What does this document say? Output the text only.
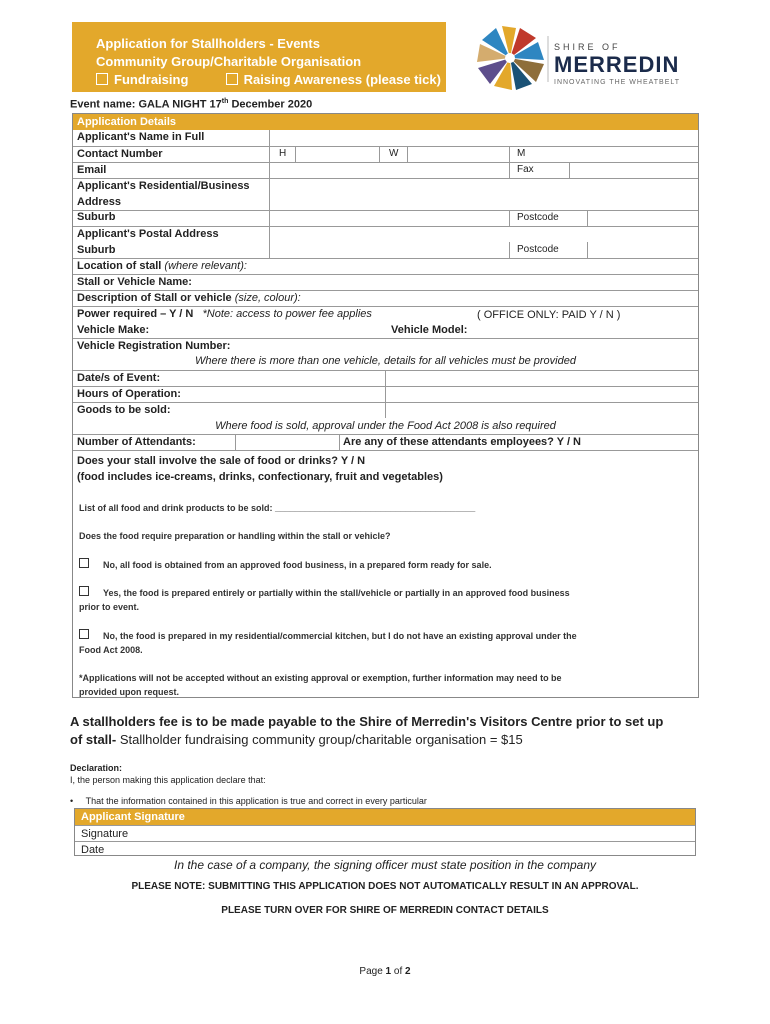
Application for Stallholders - Events
Community Group/Charitable Organisation
Fundraising	Raising Awareness (please tick)
SHIRE OF
MERREDIN
INNOVATING THE WHEATBELT
Event name: GALA NIGHT 17th December 2020
Application Details
Applicant's Name in Full
Contact Number	H	W	M
Email	Fax
Applicant's Residential/Business
Address
Suburb	Postcode
Applicant's Postal Address
Suburb	Postcode
Location of stall (where relevant):
Stall or Vehicle Name:
Description of Stall or vehicle (size, colour):
Power required – Y / N *Note: access to power fee applies	( OFFICE ONLY: PAID Y / N )
Vehicle Make:	Vehicle Model:
Vehicle Registration Number:
Where there is more than one vehicle, details for all vehicles must be provided
Date/s of Event:
Hours of Operation:
Goods to be sold:
Where food is sold, approval under the Food Act 2008 is also required
Number of Attendants:	Are any of these attendants employees? Y / N
Does your stall involve the sale of food or drinks? Y / N
(food includes ice-creams, drinks, confectionary, fruit and vegetables)
List of all food and drink products to be sold: ________________________________________
Does the food require preparation or handling within the stall or vehicle?
No, all food is obtained from an approved food business, in a prepared form ready for sale.
Yes, the food is prepared entirely or partially within the stall/vehicle or partially in an approved food business
prior to event.
No, the food is prepared in my residential/commercial kitchen, but I do not have an existing approval under the
Food Act 2008.
*Applications will not be accepted without an existing approval or exemption, further information may need to be
provided upon request.
A stallholders fee is to be made payable to the Shire of Merredin's Visitors Centre prior to set up
of stall- Stallholder fundraising community group/charitable organisation = $15
Declaration:
I, the person making this application declare that:
•     That the information contained in this application is true and correct in every particular
Applicant Signature
Signature
Date
In the case of a company, the signing officer must state position in the company
PLEASE NOTE: SUBMITTING THIS APPLICATION DOES NOT AUTOMATICALLY RESULT IN AN APPROVAL.
PLEASE TURN OVER FOR SHIRE OF MERREDIN CONTACT DETAILS
Page 1 of 2
